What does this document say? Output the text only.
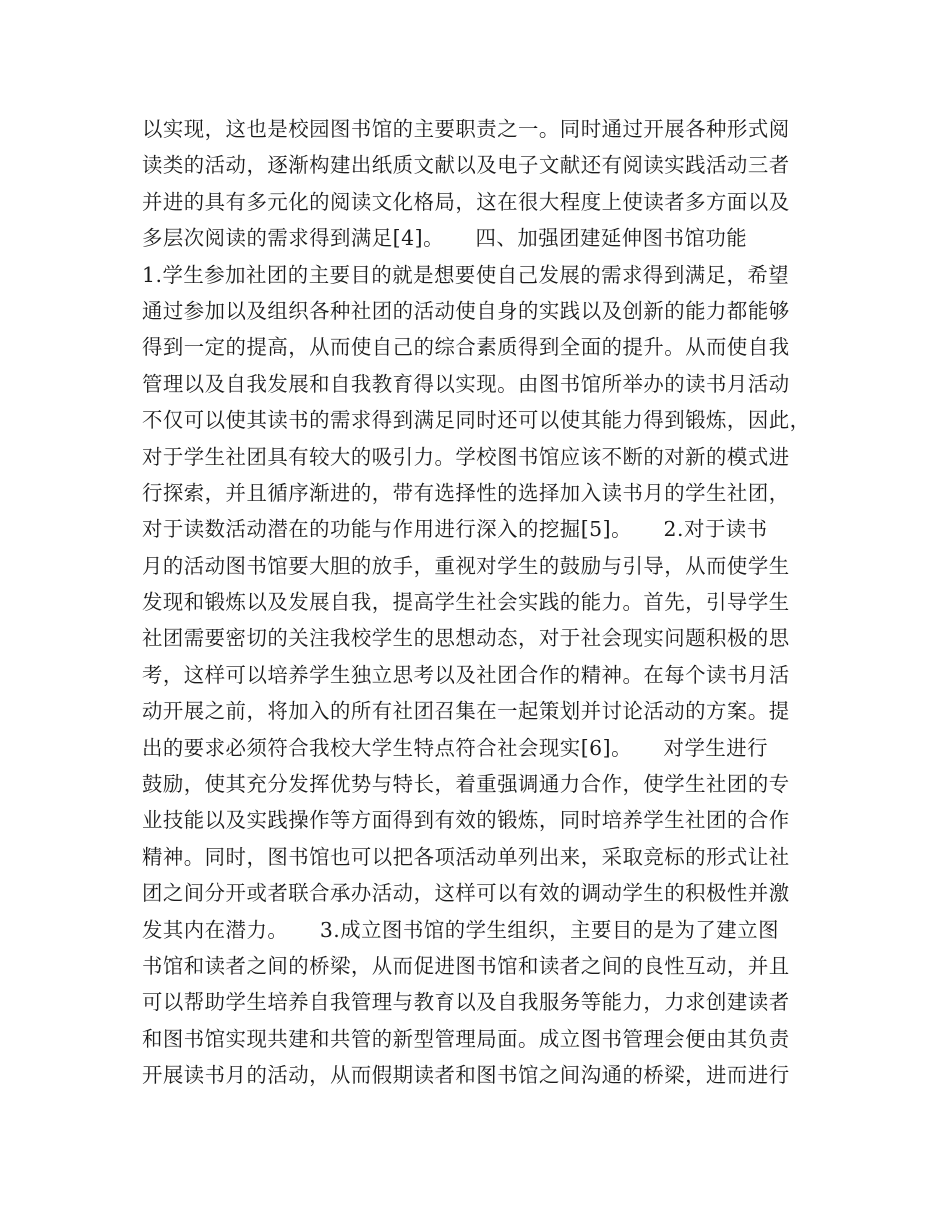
以实现，这也是校园图书馆的主要职责之一。同时通过开展各种形式阅
读类的活动，逐渐构建出纸质文献以及电子文献还有阅读实践活动三者
并进的具有多元化的阅读文化格局，这在很大程度上使读者多方面以及
多层次阅读的需求得到满足[4]。　　四、加强团建延伸图书馆功能
1.学生参加社团的主要目的就是想要使自己发展的需求得到满足，希望
通过参加以及组织各种社团的活动使自身的实践以及创新的能力都能够
得到一定的提高，从而使自己的综合素质得到全面的提升。从而使自我
管理以及自我发展和自我教育得以实现。由图书馆所举办的读书月活动
不仅可以使其读书的需求得到满足同时还可以使其能力得到锻炼，因此，
对于学生社团具有较大的吸引力。学校图书馆应该不断的对新的模式进
行探索，并且循序渐进的，带有选择性的选择加入读书月的学生社团，
对于读数活动潜在的功能与作用进行深入的挖掘[5]。　　2.对于读书
月的活动图书馆要大胆的放手，重视对学生的鼓励与引导，从而使学生
发现和锻炼以及发展自我，提高学生社会实践的能力。首先，引导学生
社团需要密切的关注我校学生的思想动态，对于社会现实问题积极的思
考，这样可以培养学生独立思考以及社团合作的精神。在每个读书月活
动开展之前，将加入的所有社团召集在一起策划并讨论活动的方案。提
出的要求必须符合我校大学生特点符合社会现实[6]。　　对学生进行
鼓励，使其充分发挥优势与特长，着重强调通力合作，使学生社团的专
业技能以及实践操作等方面得到有效的锻炼，同时培养学生社团的合作
精神。同时，图书馆也可以把各项活动单列出来，采取竞标的形式让社
团之间分开或者联合承办活动，这样可以有效的调动学生的积极性并激
发其内在潜力。　　3.成立图书馆的学生组织，主要目的是为了建立图
书馆和读者之间的桥梁，从而促进图书馆和读者之间的良性互动，并且
可以帮助学生培养自我管理与教育以及自我服务等能力，力求创建读者
和图书馆实现共建和共管的新型管理局面。成立图书管理会便由其负责
开展读书月的活动，从而假期读者和图书馆之间沟通的桥梁，进而进行
